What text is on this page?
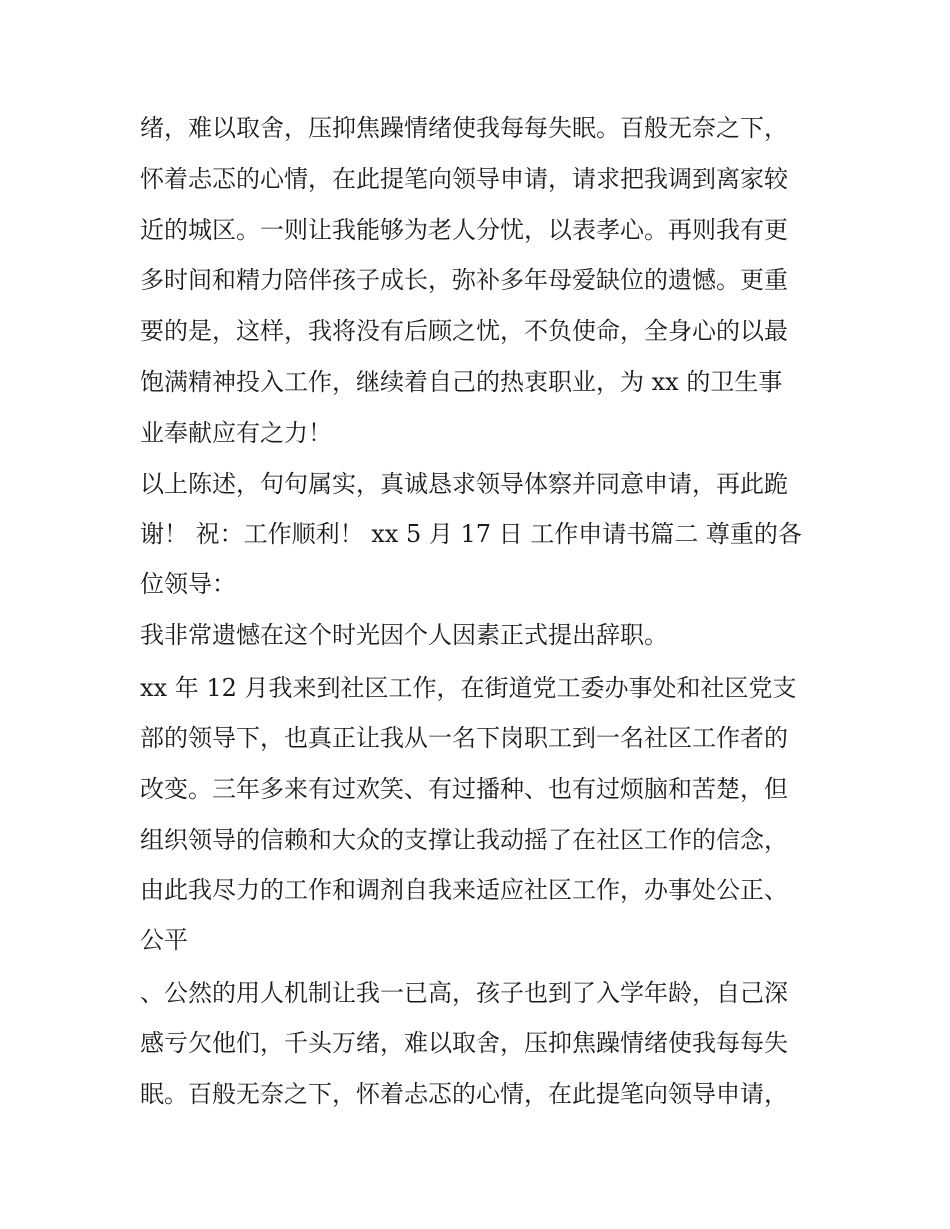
绪，难以取舍，压抑焦躁情绪使我每每失眠。百般无奈之下，
怀着忐忑的心情，在此提笔向领导申请，请求把我调到离家较
近的城区。一则让我能够为老人分忧，以表孝心。再则我有更
多时间和精力陪伴孩子成长，弥补多年母爱缺位的遗憾。更重
要的是，这样，我将没有后顾之忧，不负使命，全身心的以最
饱满精神投入工作，继续着自己的热衷职业，为 xx 的卫生事
业奉献应有之力！
以上陈述，句句属实，真诚恳求领导体察并同意申请，再此跪
谢！ 祝：工作顺利！ xx 5 月 17 日 工作申请书篇二 尊重的各
位领导：
我非常遗憾在这个时光因个人因素正式提出辞职。
xx 年 12 月我来到社区工作，在街道党工委办事处和社区党支
部的领导下，也真正让我从一名下岗职工到一名社区工作者的
改变。三年多来有过欢笑、有过播种、也有过烦脑和苦楚，但
组织领导的信赖和大众的支撑让我动摇了在社区工作的信念，
由此我尽力的工作和调剂自我来适应社区工作，办事处公正、
公平
、公然的用人机制让我一已高，孩子也到了入学年龄，自己深
感亏欠他们，千头万绪，难以取舍，压抑焦躁情绪使我每每失
眠。百般无奈之下，怀着忐忑的心情，在此提笔向领导申请，
